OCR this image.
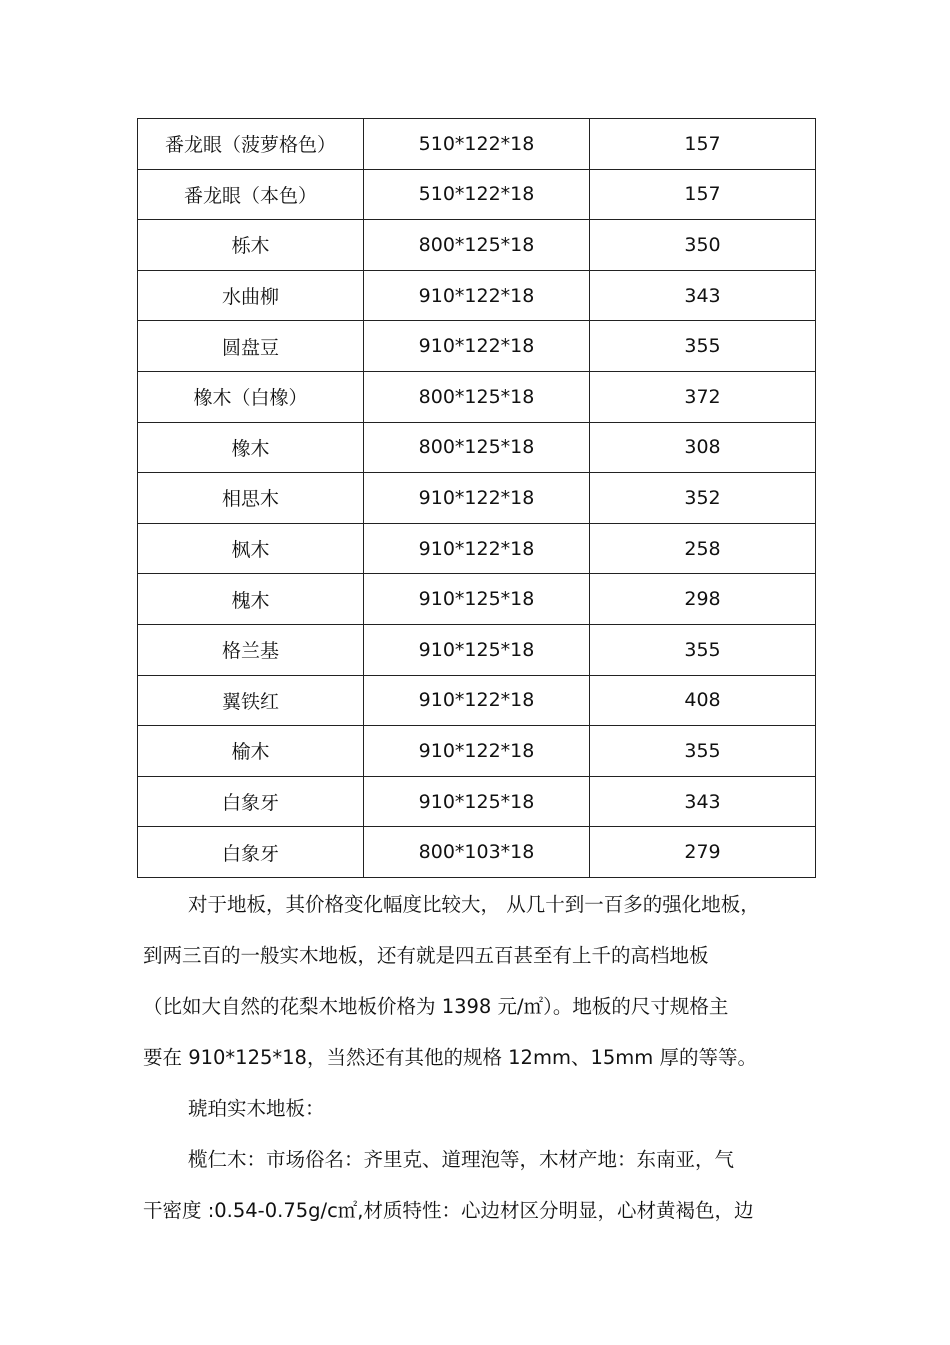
番龙眼（菠萝格色）	510*122*18	157
番龙眼（本色）	510*122*18	157
栎木	800*125*18	350
水曲柳	910*122*18	343
圆盘豆	910*122*18	355
橡木（白橡）	800*125*18	372
橡木	800*125*18	308
相思木	910*122*18	352
枫木	910*122*18	258
槐木	910*125*18	298
格兰基	910*125*18	355
翼铁红	910*122*18	408
榆木	910*122*18	355
白象牙	910*125*18	343
白象牙	800*103*18	279
对于地板，其价格变化幅度比较大， 从几十到一百多的强化地板，
到两三百的一般实木地板，还有就是四五百甚至有上千的高档地板
（比如大自然的花梨木地板价格为 1398 元/㎡）。地板的尺寸规格主
要在 910*125*18，当然还有其他的规格 12mm、15mm 厚的等等。
琥珀实木地板：
榄仁木：市场俗名：齐里克、道理泡等，木材产地：东南亚，气
干密度 :0.54-0.75g/c㎡,材质特性：心边材区分明显，心材黄褐色，边
